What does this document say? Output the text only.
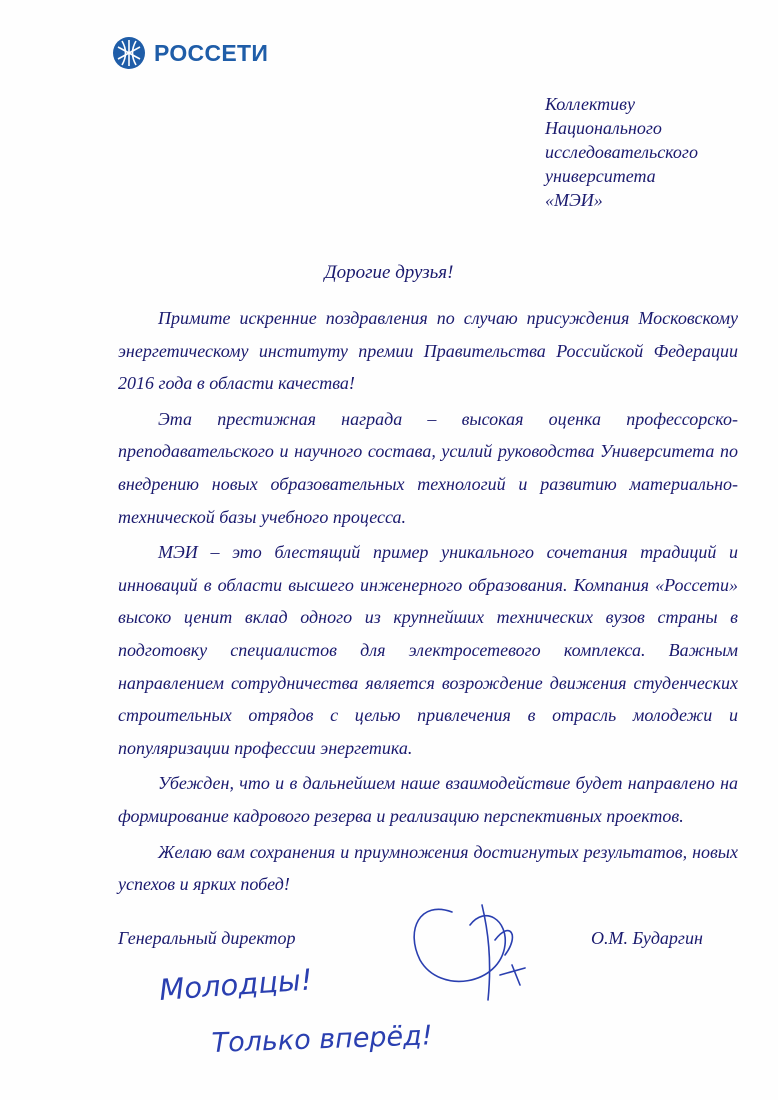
РОССЕТИ
Коллективу
Национального
исследовательского
университета
«МЭИ»
Дорогие друзья!

Примите искренние поздравления по случаю присуждения Московскому энергетическому институту премии Правительства Российской Федерации 2016 года в области качества!

Эта престижная награда – высокая оценка профессорско-преподавательского и научного состава, усилий руководства Университета по внедрению новых образовательных технологий и развитию материально-технической базы учебного процесса.

МЭИ – это блестящий пример уникального сочетания традиций и инноваций в области высшего инженерного образования. Компания «Россети» высоко ценит вклад одного из крупнейших технических вузов страны в подготовку специалистов для электросетевого комплекса. Важным направлением сотрудничества является возрождение движения студенческих строительных отрядов с целью привлечения в отрасль молодежи и популяризации профессии энергетика.

Убежден, что и в дальнейшем наше взаимодействие будет направлено на формирование кадрового резерва и реализацию перспективных проектов.

Желаю вам сохранения и приумножения достигнутых результатов, новых успехов и ярких побед!

Генеральный директор	О.М. Бударгин
Молодцы!
Только вперёд!
